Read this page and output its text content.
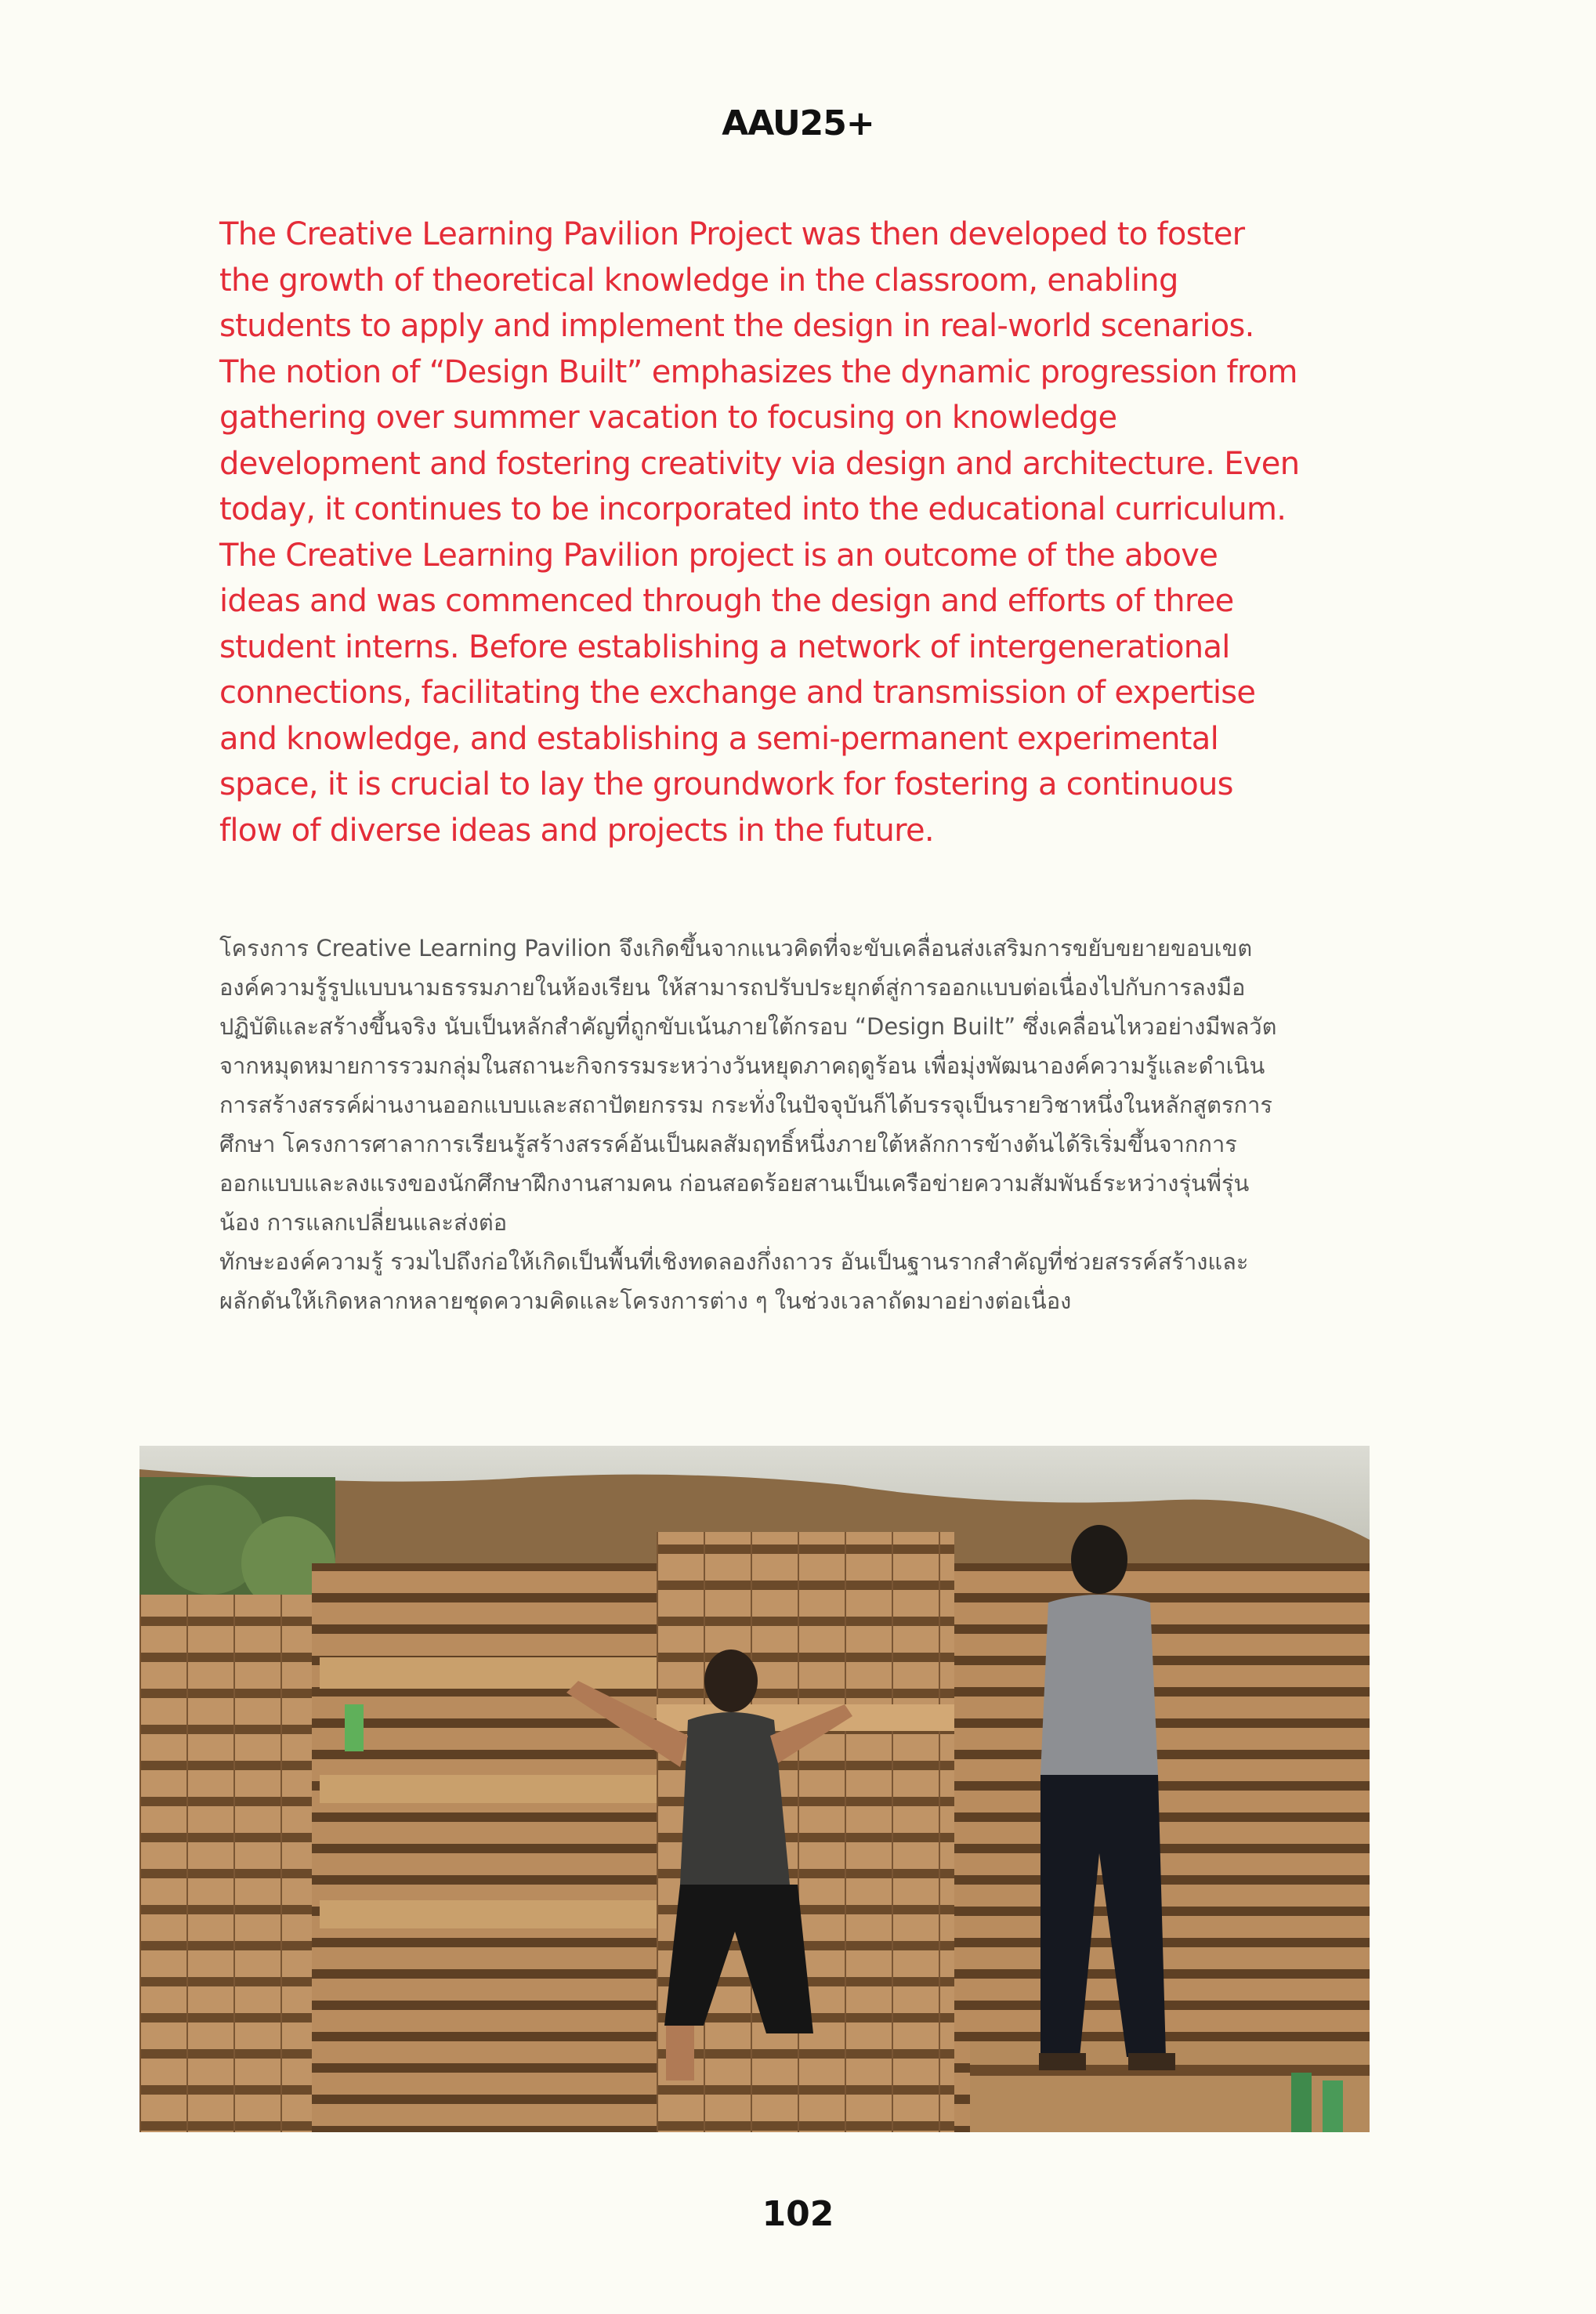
AAU25+

The Creative Learning Pavilion Project was then developed to foster the growth of theoretical knowledge in the classroom, enabling students to apply and implement the design in real-world scenarios. The notion of “Design Built” emphasizes the dynamic progression from gathering over summer vacation to focusing on knowledge development and fostering creativity via design and architecture. Even today, it continues to be incorporated into the educational curriculum. The Creative Learning Pavilion project is an outcome of the above ideas and was commenced through the design and efforts of three student interns. Before establishing a network of intergenerational connections, facilitating the exchange and transmission of expertise and knowledge, and establishing a semi-permanent experimental space, it is crucial to lay the groundwork for fostering a continuous flow of diverse ideas and projects in the future.

โครงการ Creative Learning Pavilion จึงเกิดขึ้นจากแนวคิดที่จะขับเคลื่อนส่งเสริมการขยับขยายขอบเขตองค์ความรู้รูปแบบนามธรรมภายในห้องเรียน ให้สามารถปรับประยุกต์สู่การออกแบบต่อเนื่องไปกับการลงมือปฏิบัติและสร้างขึ้นจริง นับเป็นหลักสำคัญที่ถูกขับเน้นภายใต้กรอบ “Design Built” ซึ่งเคลื่อนไหวอย่างมีพลวัต จากหมุดหมายการรวมกลุ่มในสถานะกิจกรรมระหว่างวันหยุดภาคฤดูร้อน เพื่อมุ่งพัฒนาองค์ความรู้และดำเนินการสร้างสรรค์ผ่านงานออกแบบและสถาปัตยกรรม กระทั่งในปัจจุบันก็ได้บรรจุเป็นรายวิชาหนึ่งในหลักสูตรการศึกษา โครงการศาลาการเรียนรู้สร้างสรรค์อันเป็นผลสัมฤทธิ์หนึ่งภายใต้หลักการข้างต้นได้ริเริ่มขึ้นจากการออกแบบและลงแรงของนักศึกษาฝึกงานสามคน ก่อนสอดร้อยสานเป็นเครือข่ายความสัมพันธ์ระหว่างรุ่นพี่รุ่นน้อง การแลกเปลี่ยนและส่งต่อ

ทักษะองค์ความรู้ รวมไปถึงก่อให้เกิดเป็นพื้นที่เชิงทดลองกึ่งถาวร อันเป็นฐานรากสำคัญที่ช่วยสรรค์สร้างและผลักดันให้เกิดหลากหลายชุดความคิดและโครงการต่าง ๆ ในช่วงเวลาถัดมาอย่างต่อเนื่อง

102
